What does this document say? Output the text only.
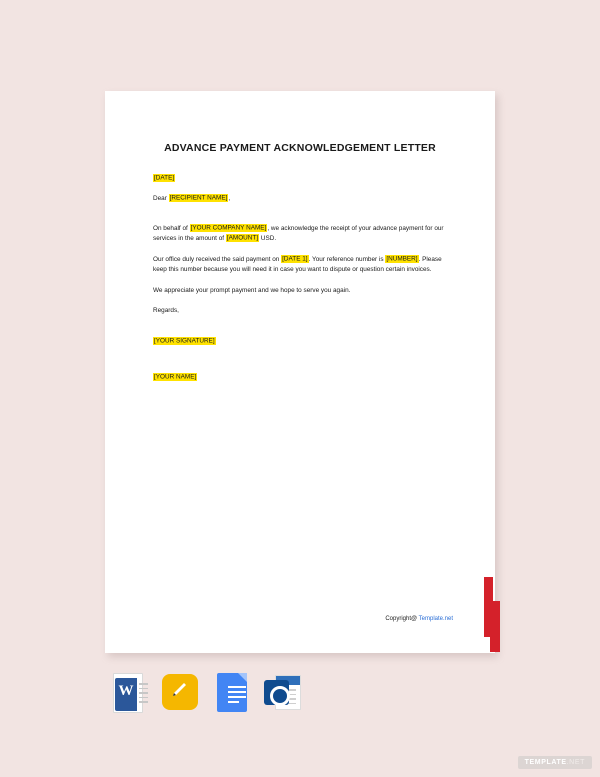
ADVANCE PAYMENT ACKNOWLEDGEMENT LETTER

[DATE]

Dear [RECIPIENT NAME],

On behalf of [YOUR COMPANY NAME], we acknowledge the receipt of your advance payment for our services in the amount of [AMOUNT] USD.

Our office duly received the said payment on [DATE 1]. Your reference number is [NUMBER]. Please keep this number because you will need it in case you want to dispute or question certain invoices.

We appreciate your prompt payment and we hope to serve you again.

Regards,

[YOUR SIGNATURE]

[YOUR NAME]

Copyright@ Template.net
W
TEMPLATE.NET
